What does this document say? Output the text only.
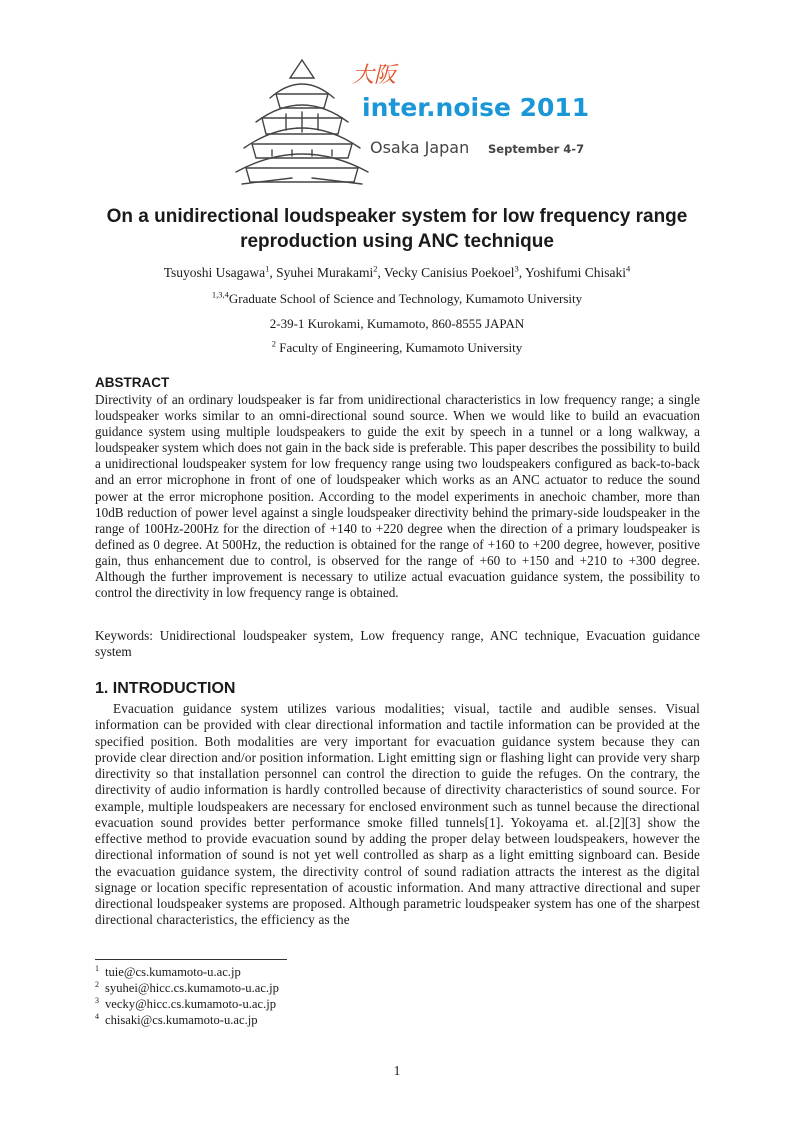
大阪
inter.noise 2011
Osaka Japan September 4-7
On a unidirectional loudspeaker system for low frequency range
reproduction using ANC technique
Tsuyoshi Usagawa$^1$, Syuhei Murakami$^2$, Vecky Canisius Poekoel$^3$, Yoshifumi Chisaki$^4$
$^{1,3,4}$Graduate School of Science and Technology, Kumamoto University
2-39-1 Kurokami, Kumamoto, 860-8555 JAPAN
$^2$ Faculty of Engineering, Kumamoto University
ABSTRACT
Directivity of an ordinary loudspeaker is far from unidirectional characteristics in low frequency range; a single loudspeaker works similar to an omni-directional sound source. When we would like to build an evacuation guidance system using multiple loudspeakers to guide the exit by speech in a tunnel or a long walkway, a loudspeaker system which does not gain in the back side is preferable. This paper describes the possibility to build a unidirectional loudspeaker system for low frequency range using two loudspeakers configured as back-to-back and an error microphone in front of one of loudspeaker which works as an ANC actuator to reduce the sound power at the error microphone position. According to the model experiments in anechoic chamber, more than 10dB reduction of power level against a single loudspeaker directivity behind the primary-side loudspeaker in the range of 100Hz-200Hz for the direction of +140 to +220 degree when the direction of a primary loudspeaker is defined as 0 degree. At 500Hz, the reduction is obtained for the range of +160 to +200 degree, however, positive gain, thus enhancement due to control, is observed for the range of +60 to +150 and +210 to +300 degree. Although the further improvement is necessary to utilize actual evacuation guidance system, the possibility to control the directivity in low frequency range is obtained.
Keywords: Unidirectional loudspeaker system, Low frequency range, ANC technique, Evacuation guidance system
1. INTRODUCTION
Evacuation guidance system utilizes various modalities; visual, tactile and audible senses. Visual information can be provided with clear directional information and tactile information can be provided at the specified position. Both modalities are very important for evacuation guidance system because they can provide clear direction and/or position information. Light emitting sign or flashing light can provide very sharp directivity so that installation personnel can control the direction to guide the refuges. On the contrary, the directivity of audio information is hardly controlled because of directivity characteristics of sound source. For example, multiple loudspeakers are necessary for enclosed environment such as tunnel because the directional evacuation sound provides better performance smoke filled tunnels[1]. Yokoyama et. al.[2][3] show the effective method to provide evacuation sound by adding the proper delay between loudspeakers, however the directional information of sound is not yet well controlled as sharp as a light emitting signboard can. Beside the evacuation guidance system, the directivity control of sound radiation attracts the interest as the digital signage or location specific representation of acoustic information. And many attractive directional and super directional loudspeaker systems are proposed. Although parametric loudspeaker system has one of the sharpest directional characteristics, the efficiency as the
$^1$ tuie@cs.kumamoto-u.ac.jp
$^2$ syuhei@hicc.cs.kumamoto-u.ac.jp
$^3$ vecky@hicc.cs.kumamoto-u.ac.jp
$^4$ chisaki@cs.kumamoto-u.ac.jp
1
